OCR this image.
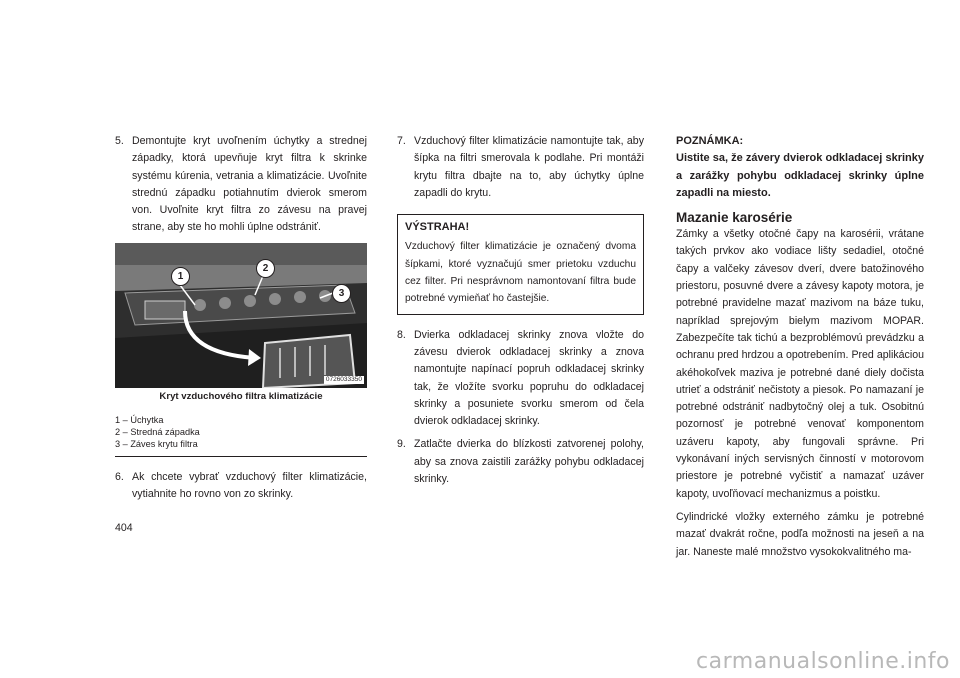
5. Demontujte kryt uvoľnením úchytky a strednej západky, ktorá upevňuje kryt filtra k skrinke systému kúrenia, vetrania a klimatizácie. Uvoľnite strednú západku potiahnutím dvierok smerom von. Uvoľnite kryt filtra zo závesu na pravej strane, aby ste ho mohli úplne odstrániť.
1
2
3
0726033350
Kryt vzduchového filtra klimatizácie
1 – Úchytka
2 – Stredná západka
3 – Záves krytu filtra
6. Ak chcete vybrať vzduchový filter klimatizácie, vytiahnite ho rovno von zo skrinky.
7. Vzduchový filter klimatizácie namontujte tak, aby šípka na filtri smerovala k podlahe. Pri montáži krytu filtra dbajte na to, aby úchytky úplne zapadli do krytu.
VÝSTRAHA!
Vzduchový filter klimatizácie je označený dvoma šípkami, ktoré vyznačujú smer prietoku vzduchu cez filter. Pri nesprávnom namontovaní filtra bude potrebné vymieňať ho častejšie.
8. Dvierka odkladacej skrinky znova vložte do závesu dvierok odkladacej skrinky a znova namontujte napínací popruh odkladacej skrinky tak, že vložíte svorku popruhu do odkladacej skrinky a posuniete svorku smerom od čela dvierok odkladacej skrinky.
9. Zatlačte dvierka do blízkosti zatvorenej polohy, aby sa znova zaistili zarážky pohybu odkladacej skrinky.
POZNÁMKA:
Uistite sa, že závery dvierok odkladacej skrinky a zarážky pohybu odkladacej skrinky úplne zapadli na miesto.
Mazanie karosérie
Zámky a všetky otočné čapy na karosérii, vrátane takých prvkov ako vodiace lišty sedadiel, otočné čapy a valčeky závesov dverí, dvere batožinového priestoru, posuvné dvere a závesy kapoty motora, je potrebné pravidelne mazať mazivom na báze tuku, napríklad sprejovým bielym mazivom MOPAR. Zabezpečíte tak tichú a bezproblémovú prevádzku a ochranu pred hrdzou a opotrebením. Pred aplikáciou akéhokoľvek maziva je potrebné dané diely dočista utrieť a odstrániť nečistoty a piesok. Po namazaní je potrebné odstrániť nadbytočný olej a tuk. Osobitnú pozornosť je potrebné venovať komponentom uzáveru kapoty, aby fungovali správne. Pri vykonávaní iných servisných činností v motorovom priestore je potrebné vyčistiť a namazať uzáver kapoty, uvoľňovací mechanizmus a poistku.
Cylindrické vložky externého zámku je potrebné mazať dvakrát ročne, podľa možnosti na jeseň a na jar. Naneste malé množstvo vysokokvalitného ma-
404
carmanualsonline.info
